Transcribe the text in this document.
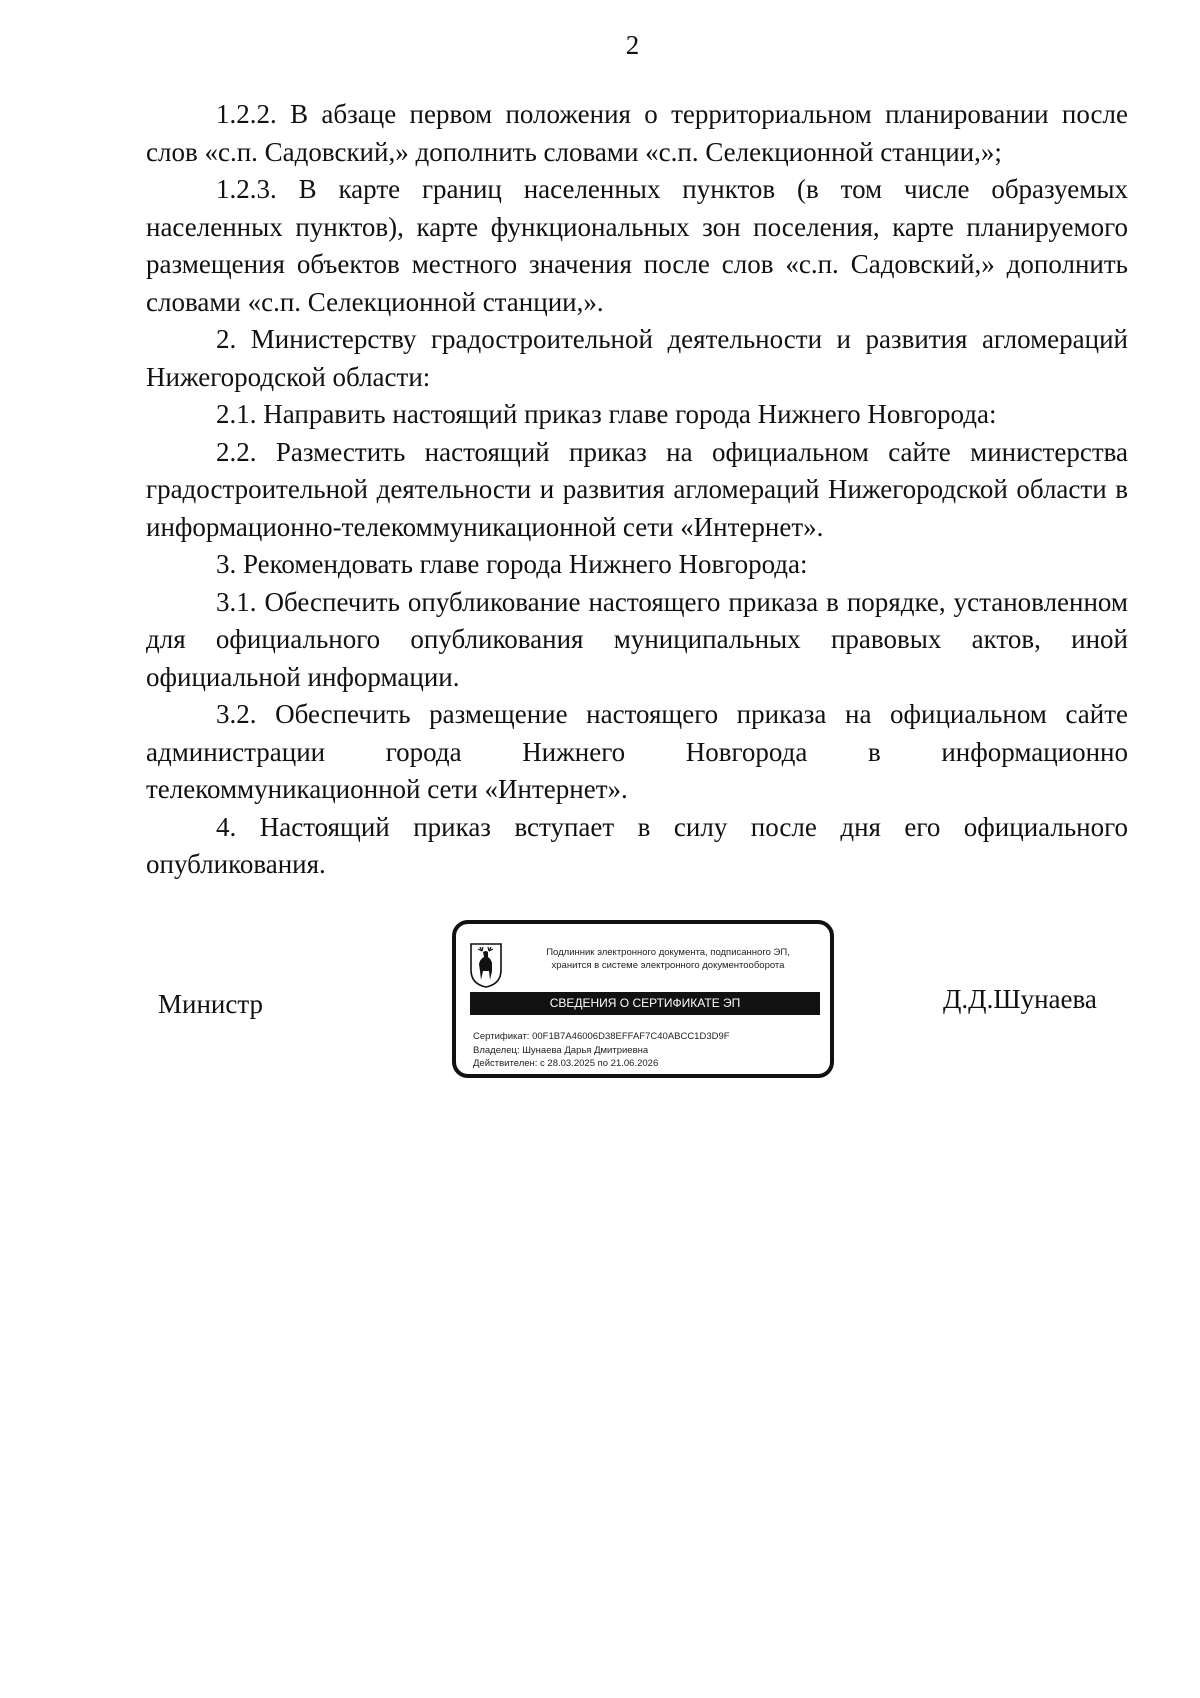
2

1.2.2. В абзаце первом положения о территориальном планировании после слов «с.п. Садовский,» дополнить словами «с.п. Селекционной станции,»;

1.2.3. В карте границ населенных пунктов (в том числе образуемых населенных пунктов), карте функциональных зон поселения, карте планируемого размещения объектов местного значения после слов «с.п. Садовский,» дополнить словами «с.п. Селекционной станции,».

2. Министерству градостроительной деятельности и развития агломераций Нижегородской области:

2.1. Направить настоящий приказ главе города Нижнего Новгорода:

2.2. Разместить настоящий приказ на официальном сайте министерства градостроительной деятельности и развития агломераций Нижегородской области в информационно-телекоммуникационной сети «Интернет».

3. Рекомендовать главе города Нижнего Новгорода:

3.1. Обеспечить опубликование настоящего приказа в порядке, установленном для официального опубликования муниципальных правовых актов, иной официальной информации.

3.2. Обеспечить размещение настоящего приказа на официальном сайте администрации города Нижнего Новгорода в информационно телекоммуникационной сети «Интернет».

4. Настоящий приказ вступает в силу после дня его официального опубликования.

Министр
Подлинник электронного документа, подписанного ЭП,
хранится в системе электронного документооборота
СВЕДЕНИЯ О СЕРТИФИКАТЕ ЭП
Сертификат: 00F1B7A46006D38EFFAF7C40ABCC1D3D9F
Владелец: Шунаева Дарья Дмитриевна
Действителен: с 28.03.2025 по 21.06.2026
Д.Д.Шунаева
